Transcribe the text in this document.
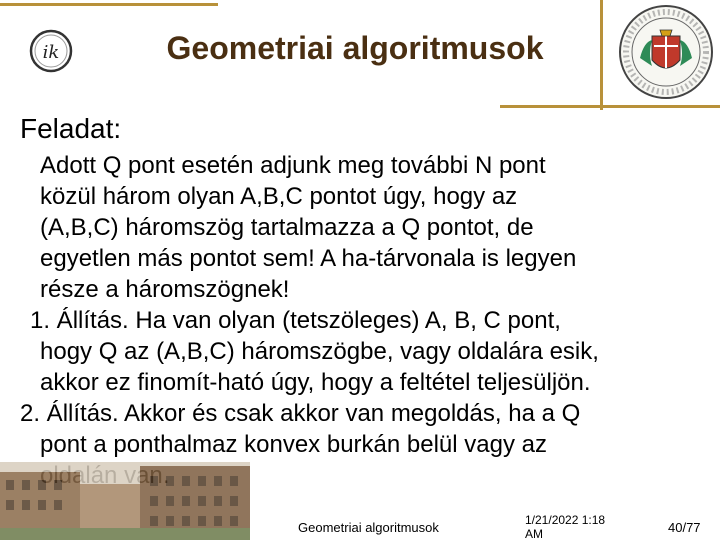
ik	Geometriai algoritmusok
Feladat:

Adott Q pont esetén adjunk meg további N pont

közül három olyan A,B,C pontot úgy, hogy az

(A,B,C) háromszög tartalmazza a Q pontot, de

egyetlen más pontot sem! A ha-tárvonala is legyen

része a háromszögnek!

1. Állítás. Ha van olyan (tetszöleges) A, B, C pont,

hogy Q az (A,B,C) háromszögbe, vagy oldalára esik,

akkor ez finomít-ható úgy, hogy a feltétel teljesüljön.

2. Állítás. Akkor és csak akkor van megoldás, ha a Q

pont a ponthalmaz konvex burkán belül vagy az

Geometriai algoritmusok	1/21/2022 1:18
AM	40/77
